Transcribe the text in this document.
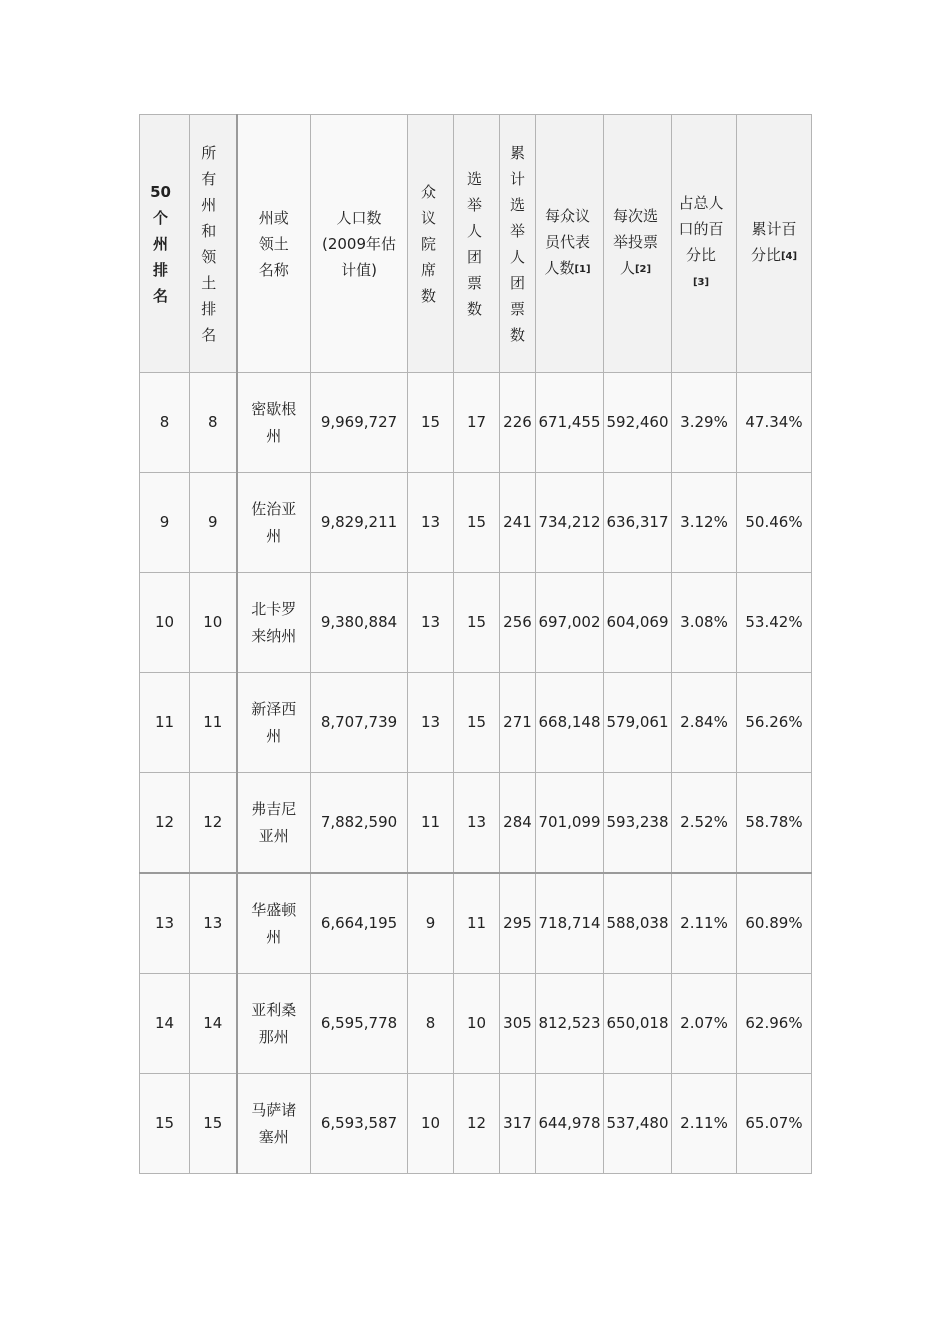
50个州排名	所有州和领土排名	州或领土名称	人口数(2009年估计值)	众议院席数	选举人团票数	累计选举人团票数	每众议员代表人数[1]	每次选举投票人[2]	占总人口的百分比[3]	累计百分比[4]
8	8	密歇根州	9,969,727	15	17	226	671,455	592,460	3.29%	47.34%
9	9	佐治亚州	9,829,211	13	15	241	734,212	636,317	3.12%	50.46%
10	10	北卡罗来纳州	9,380,884	13	15	256	697,002	604,069	3.08%	53.42%
11	11	新泽西州	8,707,739	13	15	271	668,148	579,061	2.84%	56.26%
12	12	弗吉尼亚州	7,882,590	11	13	284	701,099	593,238	2.52%	58.78%
13	13	华盛顿州	6,664,195	9	11	295	718,714	588,038	2.11%	60.89%
14	14	亚利桑那州	6,595,778	8	10	305	812,523	650,018	2.07%	62.96%
15	15	马萨诸塞州	6,593,587	10	12	317	644,978	537,480	2.11%	65.07%
